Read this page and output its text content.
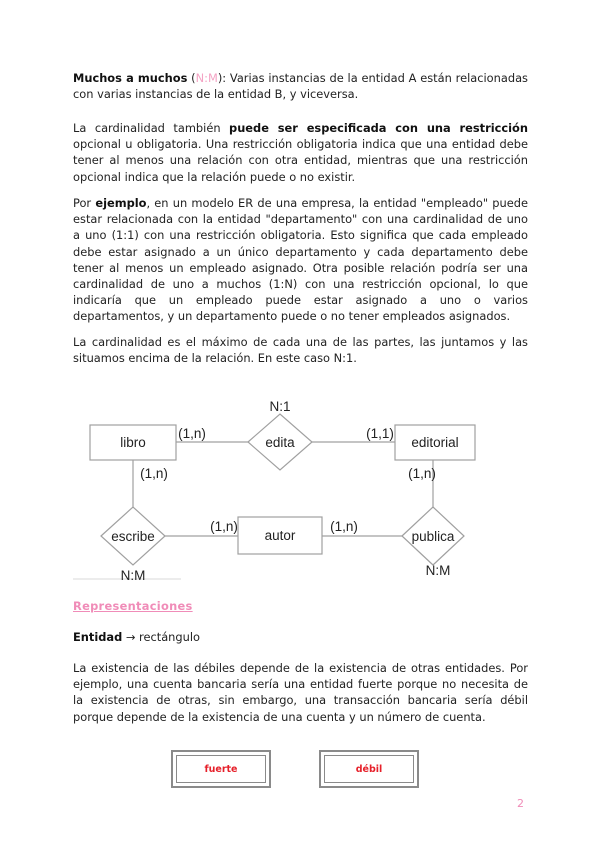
Muchos a muchos (N:M): Varias instancias de la entidad A están relacionadas con varias instancias de la entidad B, y viceversa.

La cardinalidad también puede ser especificada con una restricción opcional u obligatoria. Una restricción obligatoria indica que una entidad debe tener al menos una relación con otra entidad, mientras que una restricción opcional indica que la relación puede o no existir.

Por ejemplo, en un modelo ER de una empresa, la entidad "empleado" puede estar relacionada con la entidad "departamento" con una cardinalidad de uno a uno (1:1) con una restricción obligatoria. Esto significa que cada empleado debe estar asignado a un único departamento y cada departamento debe tener al menos un empleado asignado. Otra posible relación podría ser una cardinalidad de uno a muchos (1:N) con una restricción opcional, lo que indicaría que un empleado puede estar asignado a uno o varios departamentos, y un departamento puede o no tener empleados asignados.

La cardinalidad es el máximo de cada una de las partes, las juntamos y las situamos encima de la relación. En este caso N:1.

libro	editorial
autor
edita
escribe	publica
N:1
N:M	N:M
(1,n)	(1,1)
(1,n)
(1,n)	(1,n)
(1,n)
Representaciones
Entidad → rectángulo

La existencia de las débiles depende de la existencia de otras entidades. Por ejemplo, una cuenta bancaria sería una entidad fuerte porque no necesita de la existencia de otras, sin embargo, una transacción bancaria sería débil porque depende de la existencia de una cuenta y un número de cuenta.

fuerte	débil
2
